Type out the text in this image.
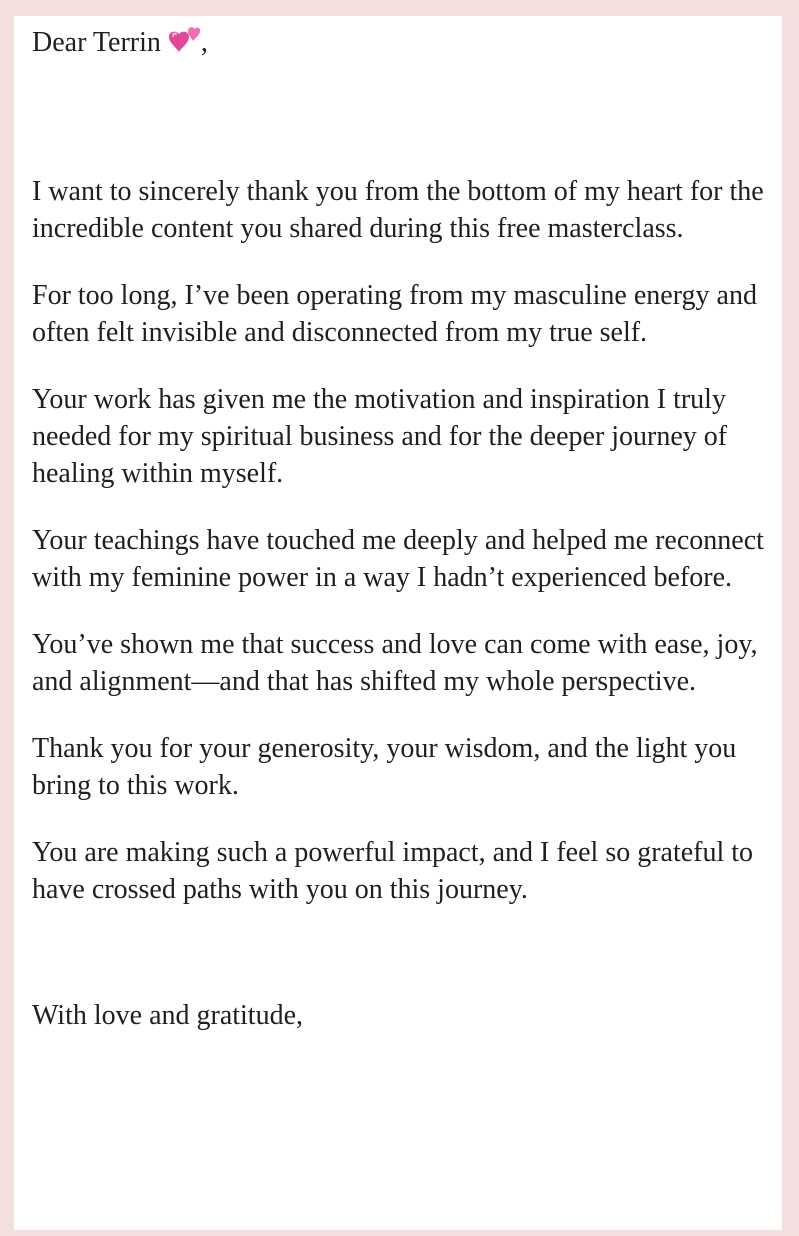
Dear Terrin ,

I want to sincerely thank you from the bottom of my heart for the incredible content you shared during this free masterclass.

For too long, I’ve been operating from my masculine energy and often felt invisible and disconnected from my true self.

Your work has given me the motivation and inspiration I truly needed for my spiritual business and for the deeper journey of healing within myself.

Your teachings have touched me deeply and helped me reconnect with my feminine power in a way I hadn’t experienced before.

You’ve shown me that success and love can come with ease, joy, and alignment—and that has shifted my whole perspective.

Thank you for your generosity, your wisdom, and the light you bring to this work.

You are making such a powerful impact, and I feel so grateful to have crossed paths with you on this journey.

With love and gratitude,
